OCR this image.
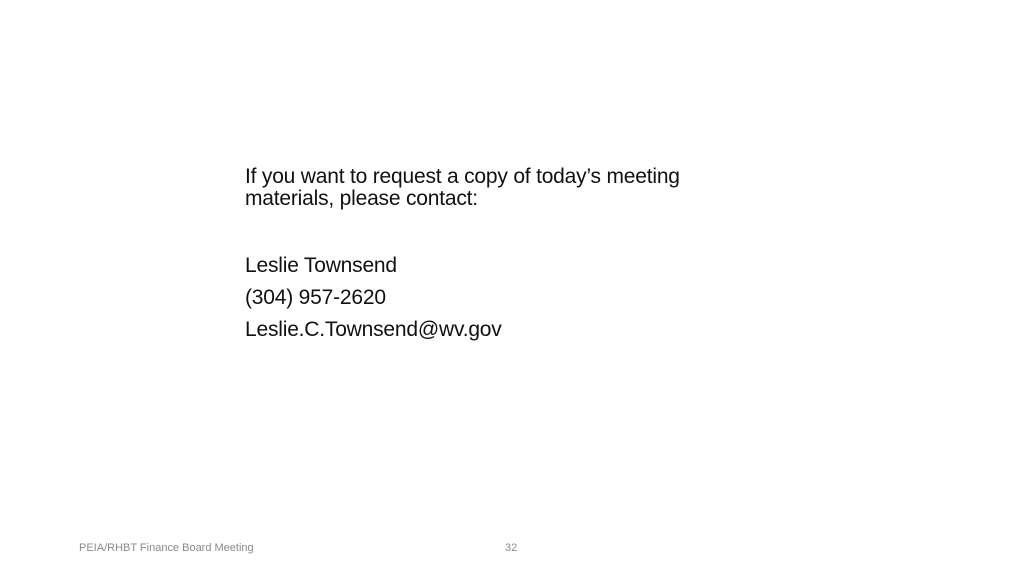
If you want to request a copy of today’s meeting
materials, please contact:

Leslie Townsend

(304) 957-2620

Leslie.C.Townsend@wv.gov

PEIA/RHBT Finance Board Meeting	32
